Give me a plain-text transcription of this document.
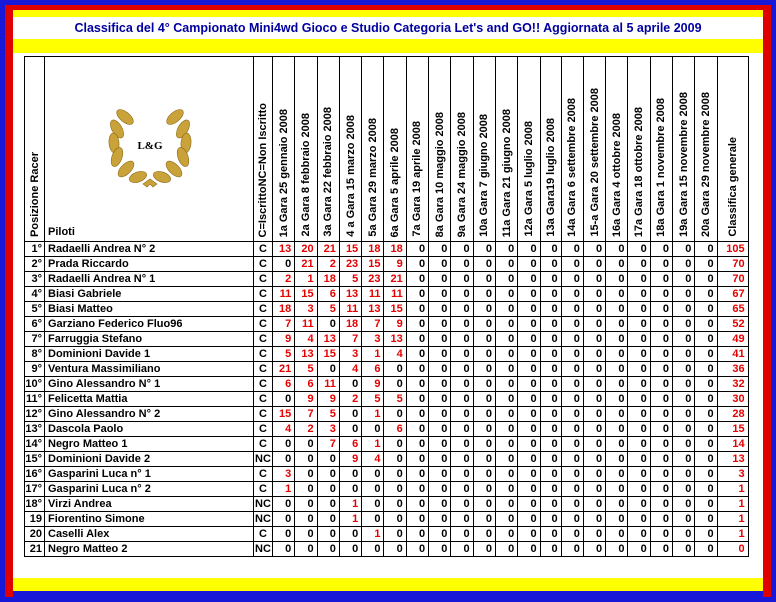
Classifica del 4° Campionato Mini4wd Gioco e Studio Categoria Let's and GO!! Aggiornata al 5 aprile 2009
Posizione Racer	L&G
Piloti	C=IscrittoNC=Non Iscritto	1a Gara 25 gennaio 2008	2a Gara 8 febbraio 2008	3a Gara 22 febbraio 2008	4 a Gara 15 marzo 2008	5a Gara 29 marzo 2008	6a Gara 5 aprile 2008	7a Gara 19 aprile 2008	8a Gara 10 maggio 2008	9a Gara 24 maggio 2008	10a Gara 7 giugno 2008	11a Gara 21 giugno 2008	12a Gara 5 luglio 2008	13a Gara19 luglio 2008	14a Gara 6 settembre 2008	15-a Gara 20 settembre 2008	16a Gara 4 ottobre 2008	17a Gara 18 ottobre 2008	18a Gara 1 novembre 2008	19a Gara 15 novembre 2008	20a Gara 29 novembre 2008	Classifica generale
1°	Radaelli Andrea N° 2	C	13	20	21	15	18	18	0	0	0	0	0	0	0	0	0	0	0	0	0	0	105
2°	Prada Riccardo	C	0	21	2	23	15	9	0	0	0	0	0	0	0	0	0	0	0	0	0	0	70
3°	Radaelli Andrea N° 1	C	2	1	18	5	23	21	0	0	0	0	0	0	0	0	0	0	0	0	0	0	70
4°	Biasi Gabriele	C	11	15	6	13	11	11	0	0	0	0	0	0	0	0	0	0	0	0	0	0	67
5°	Biasi Matteo	C	18	3	5	11	13	15	0	0	0	0	0	0	0	0	0	0	0	0	0	0	65
6°	Garziano Federico Fluo96	C	7	11	0	18	7	9	0	0	0	0	0	0	0	0	0	0	0	0	0	0	52
7°	Farruggia Stefano	C	9	4	13	7	3	13	0	0	0	0	0	0	0	0	0	0	0	0	0	0	49
8°	Dominioni Davide 1	C	5	13	15	3	1	4	0	0	0	0	0	0	0	0	0	0	0	0	0	0	41
9°	Ventura Massimiliano	C	21	5	0	4	6	0	0	0	0	0	0	0	0	0	0	0	0	0	0	0	36
10°	Gino Alessandro N° 1	C	6	6	11	0	9	0	0	0	0	0	0	0	0	0	0	0	0	0	0	0	32
11°	Felicetta Mattia	C	0	9	9	2	5	5	0	0	0	0	0	0	0	0	0	0	0	0	0	0	30
12°	Gino Alessandro N° 2	C	15	7	5	0	1	0	0	0	0	0	0	0	0	0	0	0	0	0	0	0	28
13°	Dascola Paolo	C	4	2	3	0	0	6	0	0	0	0	0	0	0	0	0	0	0	0	0	0	15
14°	Negro Matteo 1	C	0	0	7	6	1	0	0	0	0	0	0	0	0	0	0	0	0	0	0	0	14
15°	Dominioni Davide 2	NC	0	0	0	9	4	0	0	0	0	0	0	0	0	0	0	0	0	0	0	0	13
16°	Gasparini Luca n° 1	C	3	0	0	0	0	0	0	0	0	0	0	0	0	0	0	0	0	0	0	0	3
17°	Gasparini Luca n° 2	C	1	0	0	0	0	0	0	0	0	0	0	0	0	0	0	0	0	0	0	0	1
18°	Virzi Andrea	NC	0	0	0	1	0	0	0	0	0	0	0	0	0	0	0	0	0	0	0	0	1
19	Fiorentino Simone	NC	0	0	0	1	0	0	0	0	0	0	0	0	0	0	0	0	0	0	0	0	1
20	Caselli Alex	C	0	0	0	0	1	0	0	0	0	0	0	0	0	0	0	0	0	0	0	0	1
21	Negro Matteo 2	NC	0	0	0	0	0	0	0	0	0	0	0	0	0	0	0	0	0	0	0	0	0
